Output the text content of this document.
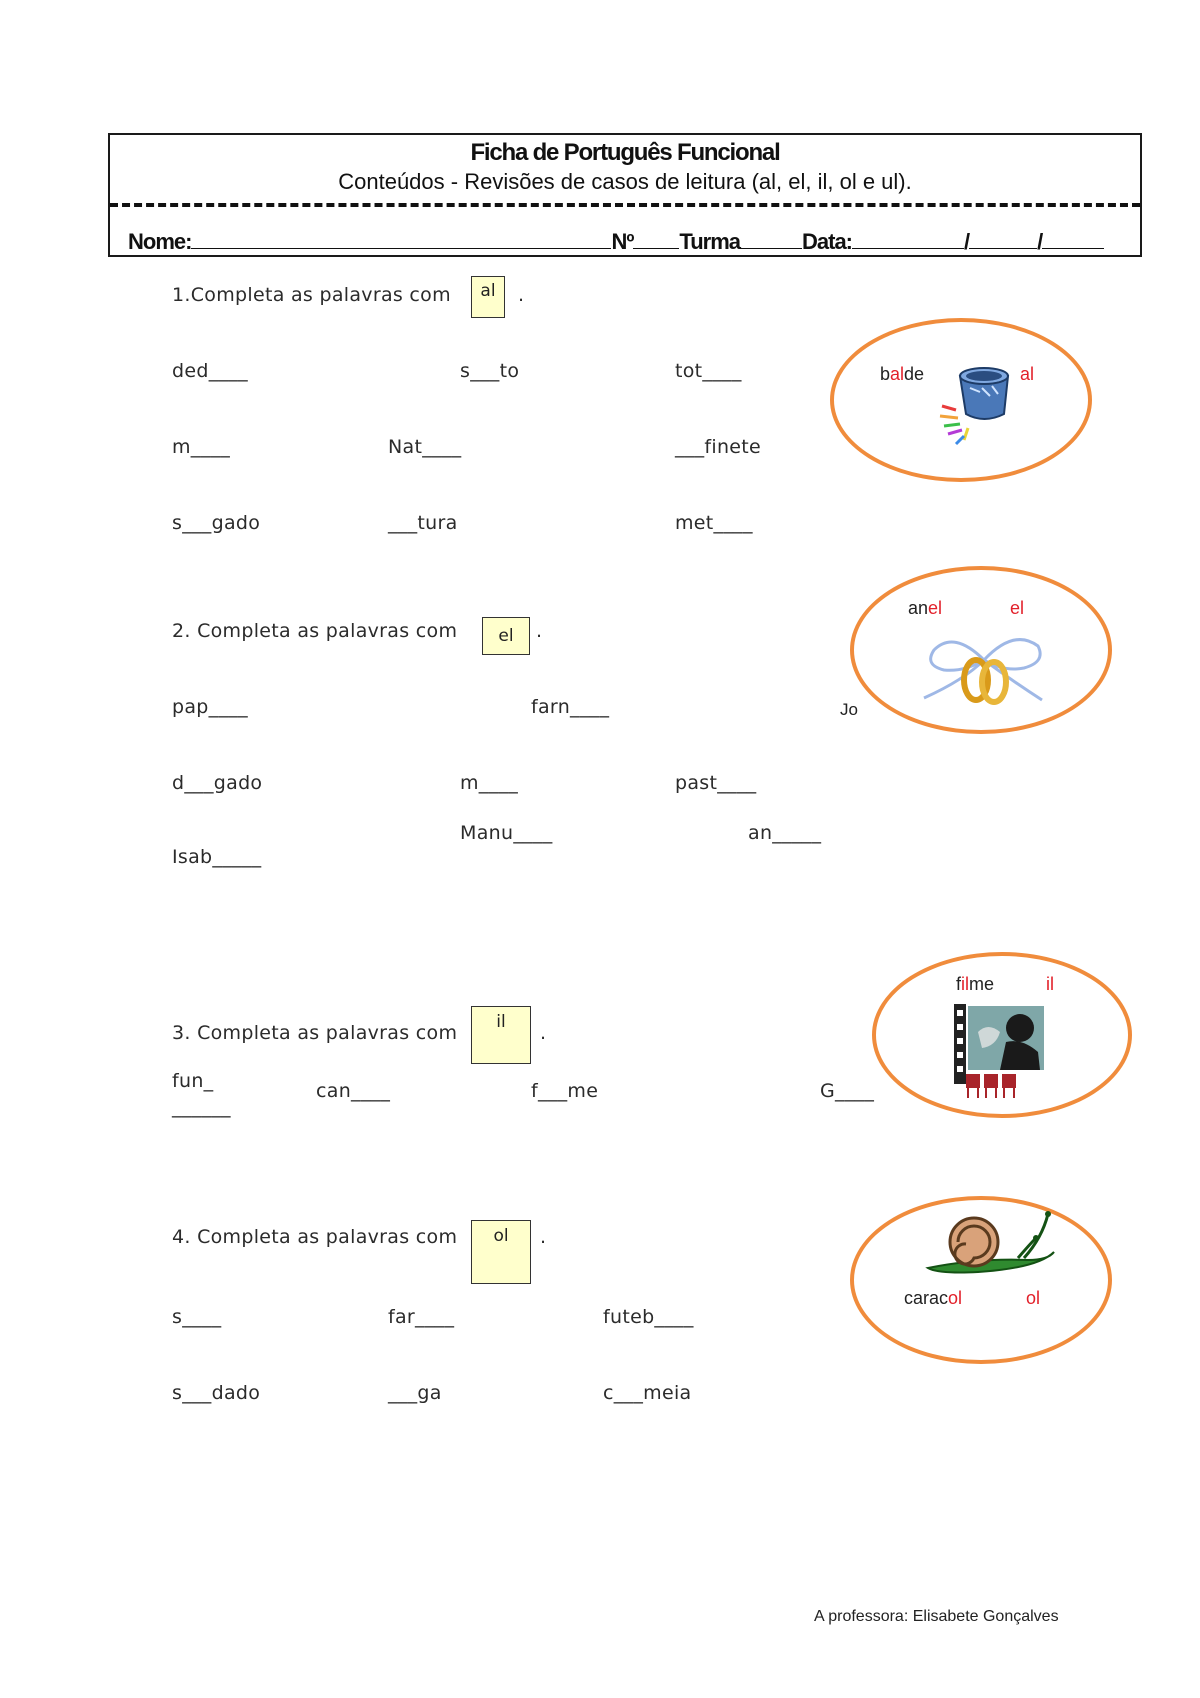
Ficha de Português Funcional
Conteúdos - Revisões de casos de leitura (al, el, il, ol e ul).
Nome:	Nº Turma	Data:	/	/
1.Completa as palavras com	al	.
ded____	s___to	tot____
m____	Nat____	___finete
s___gado	___tura	met____
balde	al
2. Completa as palavras com	el	.
pap____	farn____
d___gado	m____	past____
Manu____	an_____
Isab_____
anel	el
Jo
3. Completa as palavras com	il	.
fun_
______
can____	f___me	G____
filme	il
4. Completa as palavras com	ol	.
s____	far____	futeb____
s___dado	___ga	c___meia
caracol	ol
A professora: Elisabete Gonçalves
